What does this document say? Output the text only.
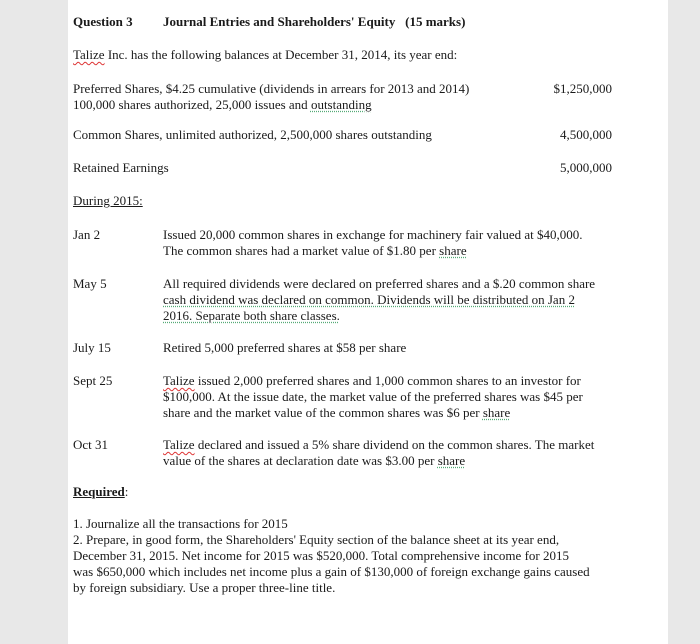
Question 3 Journal Entries and Shareholders' Equity (15 marks)
Talize Inc. has the following balances at December 31, 2014, its year end:
Preferred Shares, $4.25 cumulative (dividends in arrears for 2013 and 2014)
100,000 shares authorized, 25,000 issues and outstanding
$1,250,000
Common Shares, unlimited authorized, 2,500,000 shares outstanding	4,500,000
Retained Earnings	5,000,000
During 2015:
Jan 2	Issued 20,000 common shares in exchange for machinery fair valued at $40,000.
The common shares had a market value of $1.80 per share
May 5	All required dividends were declared on preferred shares and a $.20 common share
cash dividend was declared on common. Dividends will be distributed on Jan 2
2016. Separate both share classes.
July 15	Retired 5,000 preferred shares at $58 per share
Sept 25	Talize issued 2,000 preferred shares and 1,000 common shares to an investor for
$100,000. At the issue date, the market value of the preferred shares was $45 per
share and the market value of the common shares was $6 per share
Oct 31	Talize declared and issued a 5% share dividend on the common shares. The market
value of the shares at declaration date was $3.00 per share
Required:
1. Journalize all the transactions for 2015
2. Prepare, in good form, the Shareholders' Equity section of the balance sheet at its year end,
December 31, 2015. Net income for 2015 was $520,000. Total comprehensive income for 2015
was $650,000 which includes net income plus a gain of $130,000 of foreign exchange gains caused
by foreign subsidiary. Use a proper three-line title.
